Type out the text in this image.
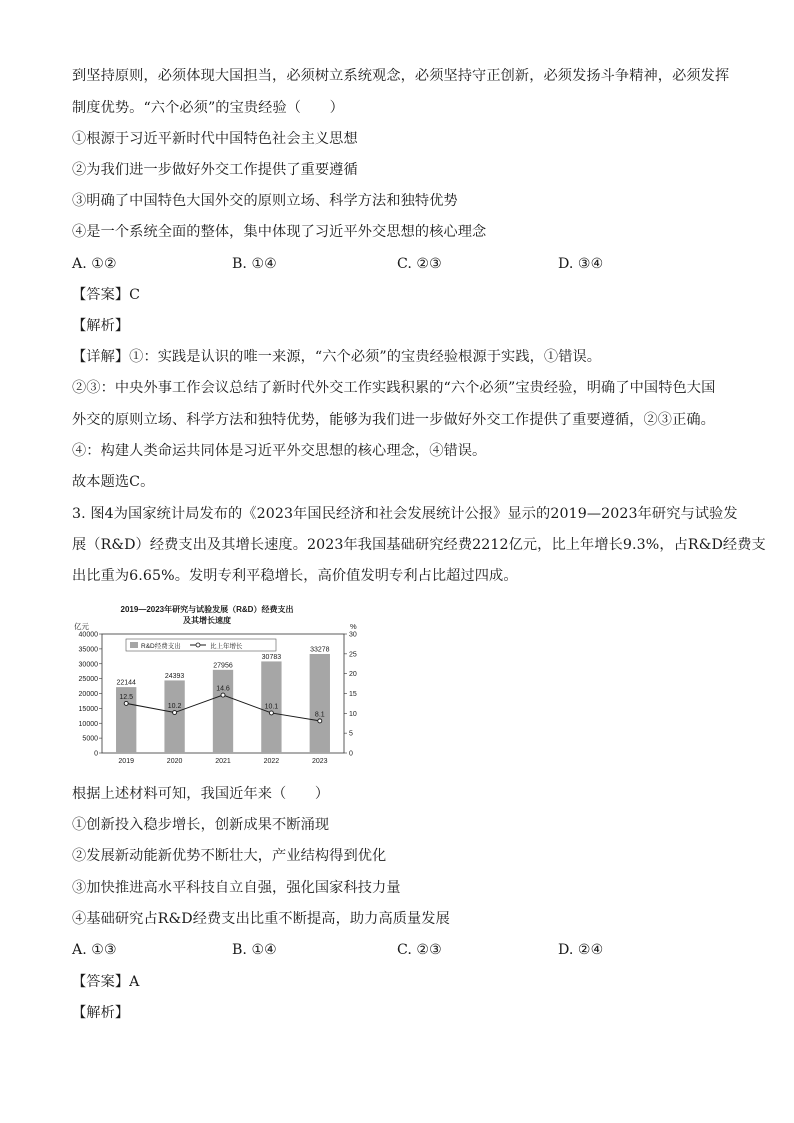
到坚持原则，必须体现大国担当，必须树立系统观念，必须坚持守正创新，必须发扬斗争精神，必须发挥
制度优势。“六个必须”的宝贵经验（　　）
①根源于习近平新时代中国特色社会主义思想
②为我们进一步做好外交工作提供了重要遵循
③明确了中国特色大国外交的原则立场、科学方法和独特优势
④是一个系统全面的整体，集中体现了习近平外交思想的核心理念
A. ①②	B. ①④	C. ②③	D. ③④
【答案】C
【解析】
【详解】①：实践是认识的唯一来源，“六个必须”的宝贵经验根源于实践，①错误。
②③：中央外事工作会议总结了新时代外交工作实践积累的“六个必须”宝贵经验，明确了中国特色大国
外交的原则立场、科学方法和独特优势，能够为我们进一步做好外交工作提供了重要遵循，②③正确。
④：构建人类命运共同体是习近平外交思想的核心理念，④错误。
故本题选C。
3. 图4为国家统计局发布的《2023年国民经济和社会发展统计公报》显示的2019—2023年研究与试验发
展（R&D）经费支出及其增长速度。2023年我国基础研究经费2212亿元，比上年增长9.3%，占R&D经费支
出比重为6.65%。发明专利平稳增长，高价值发明专利占比超过四成。
2019—2023年研究与试验发展（R&D）经费支出
及其增长速度
亿元	%
0
5000
10000
15000
20000
25000
30000
35000
40000
0
5
10
15
20
25
30
22144
2019
24393
2020
27956
2021
30783
2022
33278
2023
12.5
10.2
14.6
10.1
8.1
R&D经费支出	比上年增长
根据上述材料可知，我国近年来（　　）
①创新投入稳步增长，创新成果不断涌现
②发展新动能新优势不断壮大，产业结构得到优化
③加快推进高水平科技自立自强，强化国家科技力量
④基础研究占R&D经费支出比重不断提高，助力高质量发展
A. ①③	B. ①④	C. ②③	D. ②④
【答案】A
【解析】
